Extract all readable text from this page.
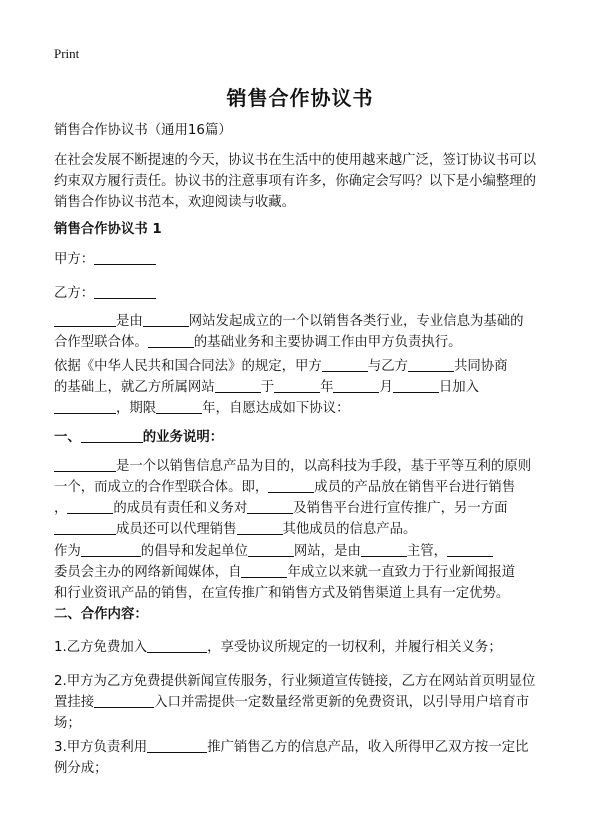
Print
销售合作协议书
销售合作协议书（通用16篇）
在社会发展不断提速的今天，协议书在生活中的使用越来越广泛，签订协议书可以
约束双方履行责任。协议书的注意事项有许多，你确定会写吗？以下是小编整理的
销售合作协议书范本，欢迎阅读与收藏。
销售合作协议书 1
甲方：
乙方：
是由	网站发起成立的一个以销售各类行业，专业信息为基础的
合作型联合体。	的基础业务和主要协调工作由甲方负责执行。
依据《中华人民共和国合同法》的规定，甲方	与乙方	共同协商
的基础上，就乙方所属网站	于	年	月	日加入
，期限	年，自愿达成如下协议：
一、	的业务说明：
是一个以销售信息产品为目的，以高科技为手段，基于平等互利的原则
一个，而成立的合作型联合体。即，	成员的产品放在销售平台进行销售
，	的成员有责任和义务对	及销售平台进行宣传推广，另一方面
成员还可以代理销售	其他成员的信息产品。
作为	的倡导和发起单位	网站，是由	主管，
委员会主办的网络新闻媒体，自	年成立以来就一直致力于行业新闻报道
和行业资讯产品的销售，在宣传推广和销售方式及销售渠道上具有一定优势。
二、合作内容：
1.乙方免费加入	，享受协议所规定的一切权利，并履行相关义务；
2.甲方为乙方免费提供新闻宣传服务，行业频道宣传链接，乙方在网站首页明显位
置挂接	入口并需提供一定数量经常更新的免费资讯，以引导用户培育市
场；
3.甲方负责利用	推广销售乙方的信息产品，收入所得甲乙双方按一定比
例分成；
